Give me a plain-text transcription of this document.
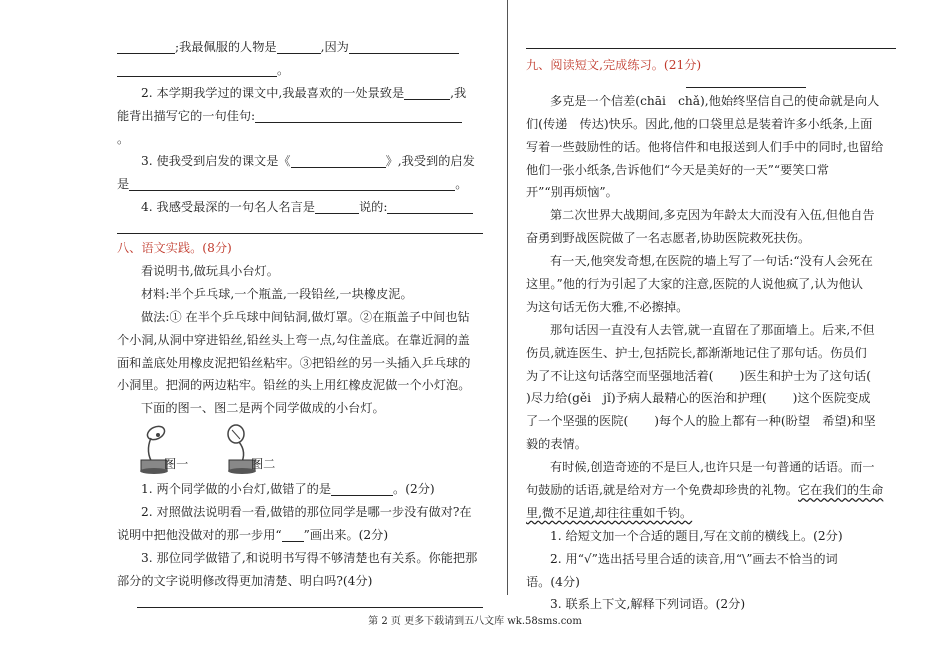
;我最佩服的人物是	,因为
。
2. 本学期我学过的课文中,我最喜欢的一处景致是	,我
能背出描写它的一句佳句:
。
3. 使我受到启发的课文是《	》,我受到的启发
是	。
4. 我感受最深的一句名人名言是	说的:
八、语文实践。(8分)
看说明书,做玩具小台灯。
材料:半个乒乓球,一个瓶盖,一段铅丝,一块橡皮泥。
做法:① 在半个乒乓球中间钻洞,做灯罩。②在瓶盖子中间也钻
个小洞,从洞中穿进铅丝,铅丝头上弯一点,勾住盖底。在靠近洞的盖
面和盖底处用橡皮泥把铅丝粘牢。③把铅丝的另一头插入乒乓球的
小洞里。把洞的两边粘牢。铅丝的头上用红橡皮泥做一个小灯泡。
下面的图一、图二是两个同学做成的小台灯。
图一	图二
1. 两个同学做的小台灯,做错了的是	。(2分)
2. 对照做法说明看一看,做错的那位同学是哪一步没有做对?在
说明中把他没做对的那一步用“ ”画出来。(2分)
3. 那位同学做错了,和说明书写得不够清楚也有关系。你能把那
部分的文字说明修改得更加清楚、明白吗?(4分)
九、阅读短文,完成练习。(21分)
多克是一个信差(chāi　chǎ),他始终坚信自己的使命就是向人
们(传递　传达)快乐。因此,他的口袋里总是装着许多小纸条,上面
写着一些鼓励性的话。他将信件和电报送到人们手中的同时,也留给
他们一张小纸条,告诉他们“今天是美好的一天”“要笑口常
开”“别再烦恼”。
第二次世界大战期间,多克因为年龄太大而没有入伍,但他自告
奋勇到野战医院做了一名志愿者,协助医院救死扶伤。
有一天,他突发奇想,在医院的墙上写了一句话:“没有人会死在
这里。”他的行为引起了大家的注意,医院的人说他疯了,认为他认
为这句话无伤大雅,不必擦掉。
那句话因一直没有人去管,就一直留在了那面墙上。后来,不但
伤员,就连医生、护士,包括院长,都渐渐地记住了那句话。伤员们
为了不让这句话落空而坚强地活着( )医生和护士为了这句话(
)尽力给(gěi　jǐ)予病人最精心的医治和护理( )这个医院变成
了一个坚强的医院( )每个人的脸上都有一种(盼望　希望)和坚
毅的表情。
有时候,创造奇迹的不是巨人,也许只是一句普通的话语。而一
句鼓励的话语,就是给对方一个免费却珍贵的礼物。它在我们的生命
里,微不足道,却往往重如千钧。
1. 给短文加一个合适的题目,写在文前的横线上。(2分)
2. 用“√”选出括号里合适的读音,用“\”画去不恰当的词
语。(4分)
3. 联系上下文,解释下列词语。(2分)
第 2 页 更多下载请到五八文库 wk.58sms.com
